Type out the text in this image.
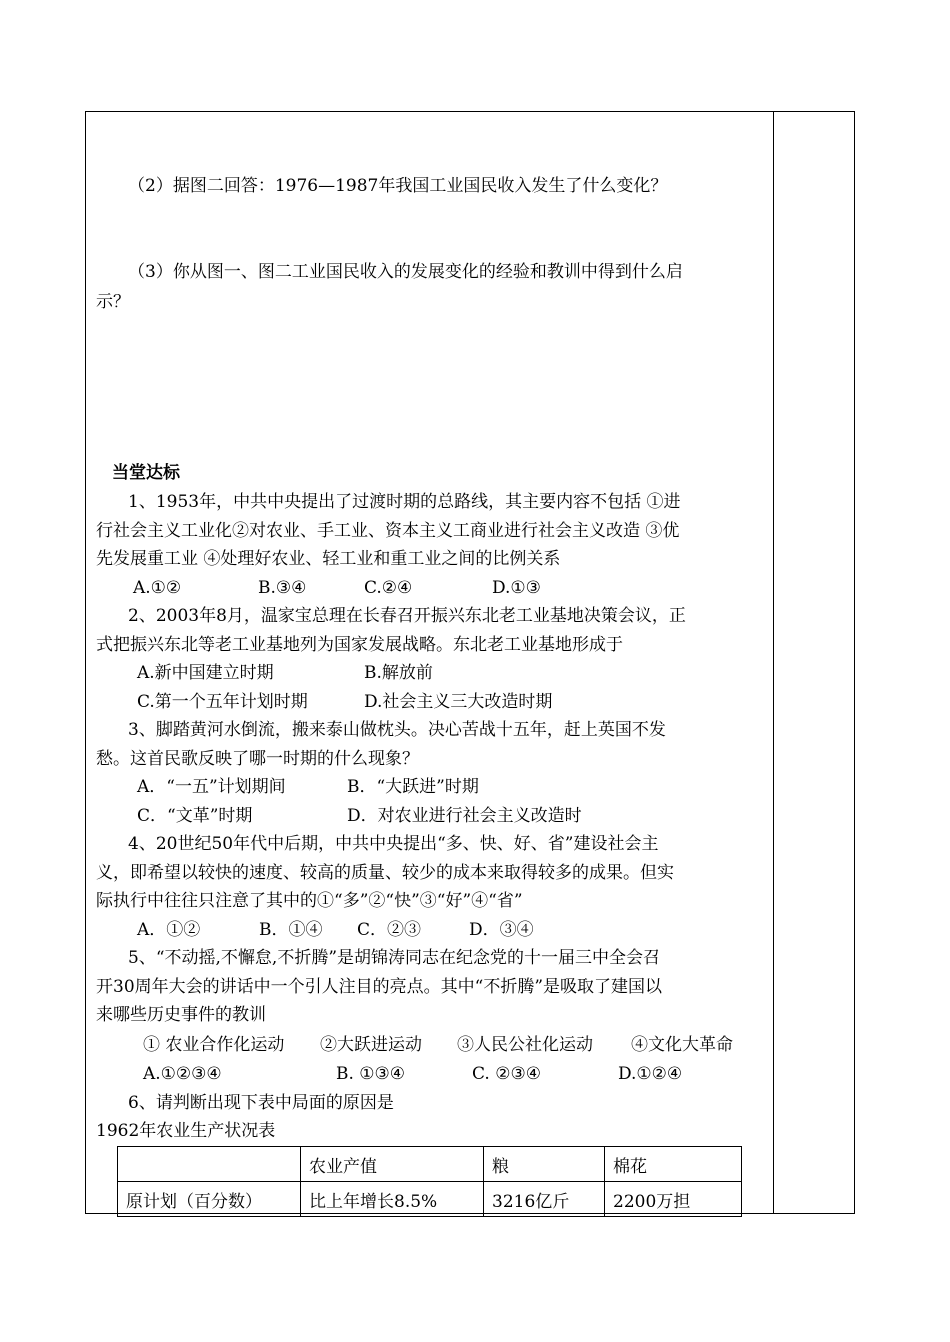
（2）据图二回答：1976—1987年我国工业国民收入发生了什么变化？
（3）你从图一、图二工业国民收入的发展变化的经验和教训中得到什么启
示？
当堂达标
1、1953年，中共中央提出了过渡时期的总路线，其主要内容不包括 ①进
行社会主义工业化②对农业、手工业、资本主义工商业进行社会主义改造 ③优
先发展重工业 ④处理好农业、轻工业和重工业之间的比例关系
A.①②	B.③④	C.②④	D.①③
2、2003年8月，温家宝总理在长春召开振兴东北老工业基地决策会议，正
式把振兴东北等老工业基地列为国家发展战略。东北老工业基地形成于
A.新中国建立时期	B.解放前
C.第一个五年计划时期	D.社会主义三大改造时期
3、脚踏黄河水倒流，搬来泰山做枕头。决心苦战十五年，赶上英国不发
愁。这首民歌反映了哪一时期的什么现象？
A．“一五”计划期间	B．“大跃进”时期
C．“文革”时期	D．对农业进行社会主义改造时
4、20世纪50年代中后期，中共中央提出“多、快、好、省”建设社会主
义，即希望以较快的速度、较高的质量、较少的成本来取得较多的成果。但实
际执行中往往只注意了其中的①“多”②“快”③“好”④“省”
A．①②	B．①④ C．②③	D．③④
5、“不动摇,不懈怠,不折腾”是胡锦涛同志在纪念党的十一届三中全会召
开30周年大会的讲话中一个引人注目的亮点。其中“不折腾”是吸取了建国以
来哪些历史事件的教训
① 农业合作化运动 ②大跃进运动 ③人民公社化运动 ④文化大革命
A.①②③④	B. ①③④	C. ②③④	D.①②④
6、请判断出现下表中局面的原因是
1962年农业生产状况表
	农业产值	粮	棉花
原计划（百分数）	比上年增长8.5%	3216亿斤	2200万担
